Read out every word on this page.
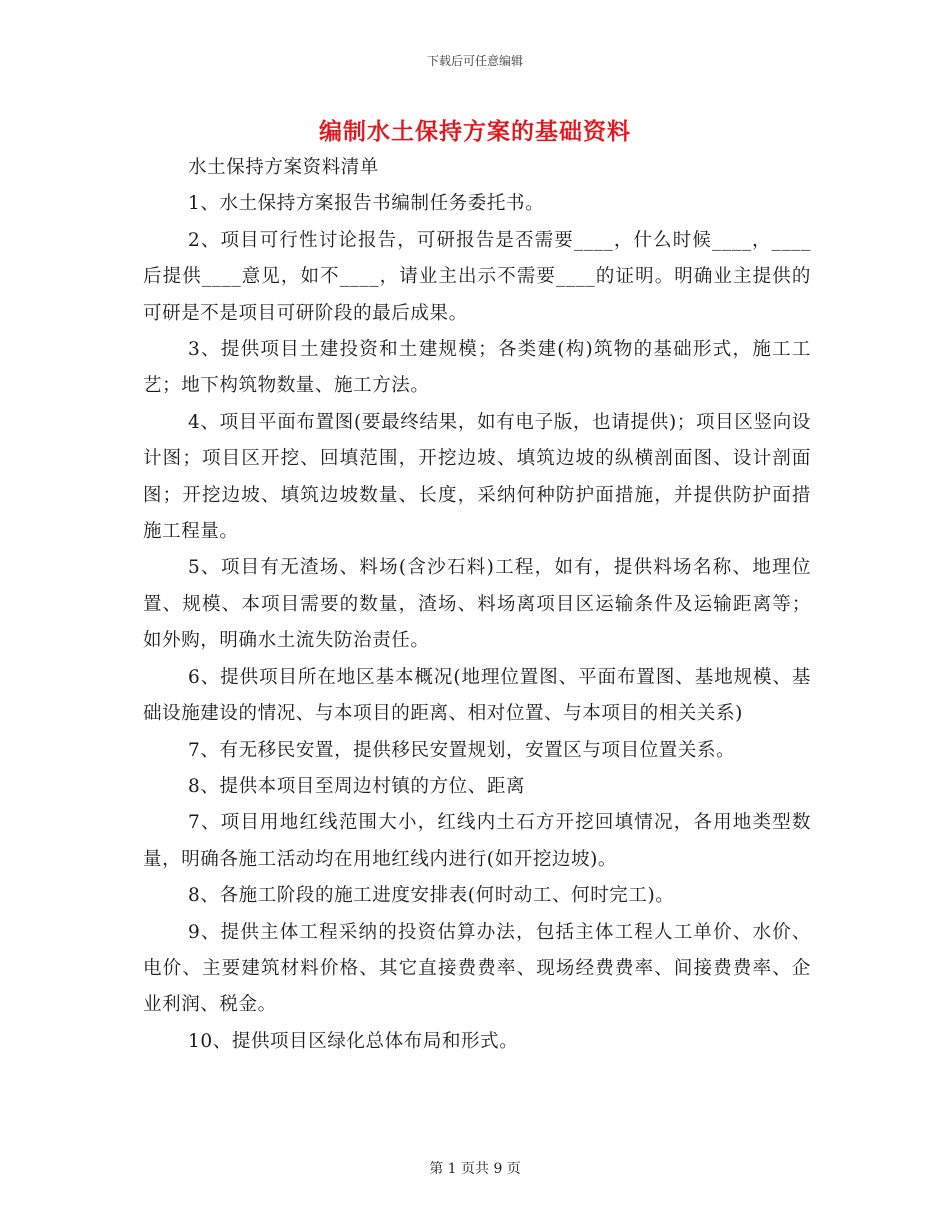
下载后可任意编辑
编制水土保持方案的基础资料

水土保持方案资料清单

1、水土保持方案报告书编制任务委托书。

2、项目可行性讨论报告，可研报告是否需要____，什么时候____，____后提供____意见，如不____，请业主出示不需要____的证明。明确业主提供的可研是不是项目可研阶段的最后成果。

3、提供项目土建投资和土建规模；各类建(构)筑物的基础形式，施工工艺；地下构筑物数量、施工方法。

4、项目平面布置图(要最终结果，如有电子版，也请提供)；项目区竖向设计图；项目区开挖、回填范围，开挖边坡、填筑边坡的纵横剖面图、设计剖面图；开挖边坡、填筑边坡数量、长度，采纳何种防护面措施，并提供防护面措施工程量。

5、项目有无渣场、料场(含沙石料)工程，如有，提供料场名称、地理位置、规模、本项目需要的数量，渣场、料场离项目区运输条件及运输距离等；如外购，明确水土流失防治责任。

6、提供项目所在地区基本概况(地理位置图、平面布置图、基地规模、基础设施建设的情况、与本项目的距离、相对位置、与本项目的相关关系)

7、有无移民安置，提供移民安置规划，安置区与项目位置关系。

8、提供本项目至周边村镇的方位、距离

7、项目用地红线范围大小，红线内土石方开挖回填情况，各用地类型数量，明确各施工活动均在用地红线内进行(如开挖边坡)。

8、各施工阶段的施工进度安排表(何时动工、何时完工)。

9、提供主体工程采纳的投资估算办法，包括主体工程人工单价、水价、电价、主要建筑材料价格、其它直接费费率、现场经费费率、间接费费率、企业利润、税金。

10、提供项目区绿化总体布局和形式。

第 1 页共 9 页
